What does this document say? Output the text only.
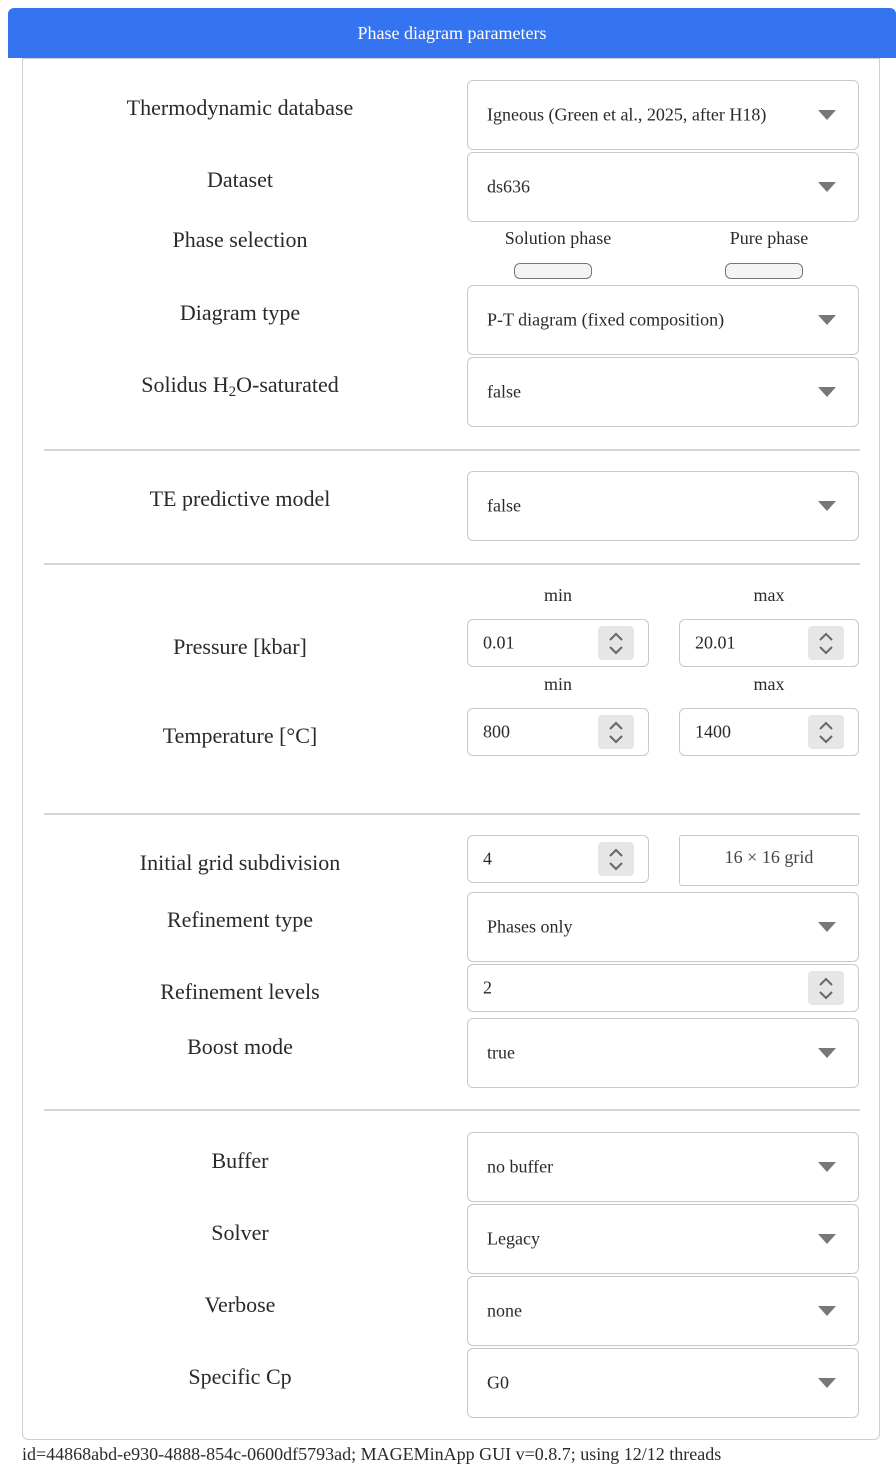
Phase diagram parameters
Thermodynamic database	Igneous (Green et al., 2025, after H18)
Dataset	ds636
Phase selection	Solution phase	Pure phase
Diagram type	P-T diagram (fixed composition)
Solidus $H_2O$-saturated	false
TE predictive model	false
min	max
Pressure [kbar]	0.01	20.01
min	max
Temperature [°C]	800	1400
Initial grid subdivision	4	16 × 16 grid
Refinement type	Phases only
Refinement levels	2
Boost mode	true
Buffer	no buffer
Solver	Legacy
Verbose	none
Specific Cp	G0
id=44868abd-e930-4888-854c-0600df5793ad; MAGEMinApp GUI v=0.8.7; using 12/12 threads
